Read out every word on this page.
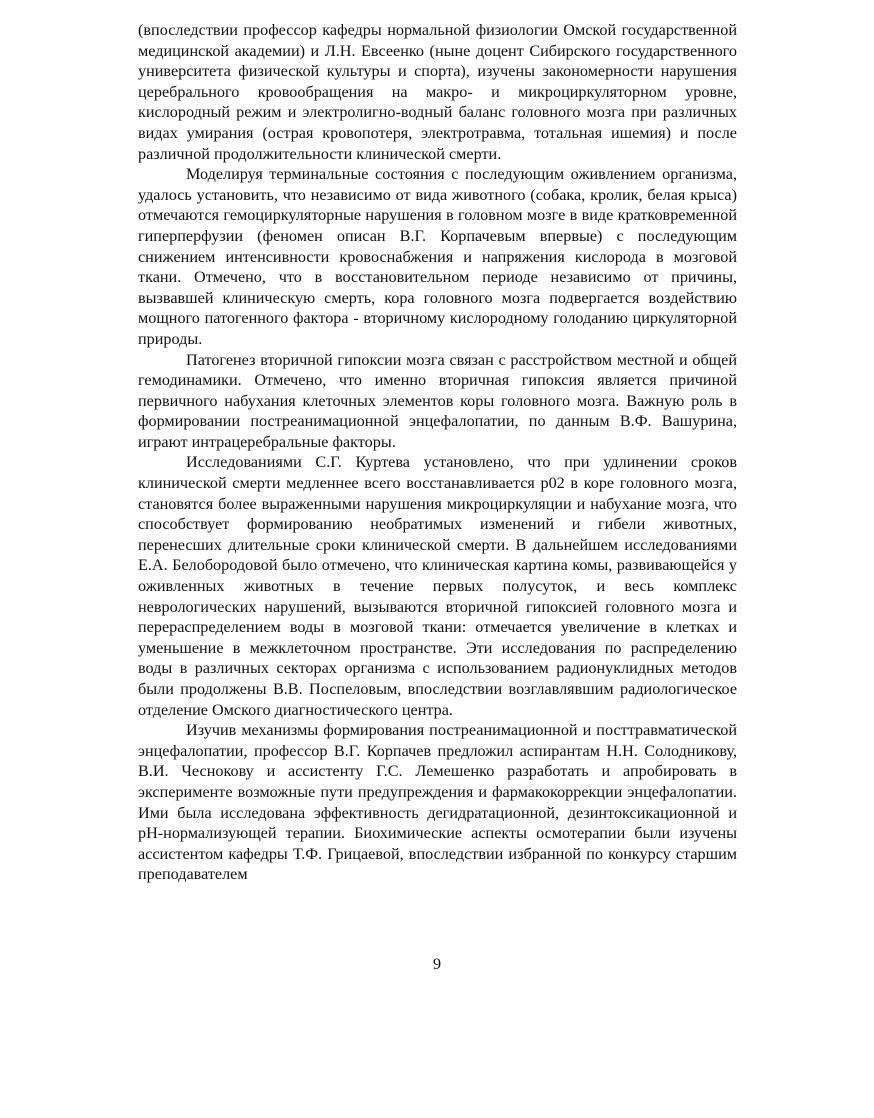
(впоследствии профессор кафедры нормальной физиологии Омской государственной медицинской академии) и Л.Н. Евсеенко (ныне доцент Сибирского государственного университета физической культуры и спорта), изучены закономерности нарушения церебрального кровообращения на макро- и микроциркуляторном уровне, кислородный режим и электролигно-водный баланс головного мозга при различных видах умирания (острая кровопотеря, электротравма, тотальная ишемия) и после различной продолжительности клинической смерти.

Моделируя терминальные состояния с последующим оживлением организма, удалось установить, что независимо от вида животного (собака, кролик, белая крыса) отмечаются гемоциркуляторные нарушения в головном мозге в виде кратковременной гиперперфузии (феномен описан В.Г. Корпачевым впервые) с последующим снижением интенсивности кровоснабжения и напряжения кислорода в мозговой ткани. Отмечено, что в восстановительном периоде независимо от причины, вызвавшей клиническую смерть, кора головного мозга подвергается воздействию мощного патогенного фактора - вторичному кислородному голоданию циркуляторной природы.

Патогенез вторичной гипоксии мозга связан с расстройством местной и общей гемодинамики. Отмечено, что именно вторичная гипоксия является причиной первичного набухания клеточных элементов коры головного мозга. Важную роль в формировании постреанимационной энцефалопатии, по данным В.Ф. Вашурина, играют интрацеребральные факторы.

Исследованиями С.Г. Куртева установлено, что при удлинении сроков клинической смерти медленнее всего восстанавливается р02 в коре головного мозга, становятся более выраженными нарушения микроциркуляции и набухание мозга, что способствует формированию необратимых изменений и гибели животных, перенесших длительные сроки клинической смерти. В дальнейшем исследованиями Е.А. Белобородовой было отмечено, что клиническая картина комы, развивающейся у оживленных животных в течение первых полусуток, и весь комплекс неврологических нарушений, вызываются вторичной гипоксией головного мозга и перераспределением воды в мозговой ткани: отмечается увеличение в клетках и уменьшение в межклеточном пространстве. Эти исследования по распределению воды в различных секторах организма с использованием радионуклидных методов были продолжены В.В. Поспеловым, впоследствии возглавлявшим радиологическое отделение Омского диагностического центра.

Изучив механизмы формирования постреанимационной и посттравматической энцефалопатии, профессор В.Г. Корпачев предложил аспирантам Н.Н. Солодникову, В.И. Чеснокову и ассистенту Г.С. Лемешенко разработать и апробировать в эксперименте возможные пути предупреждения и фармакокоррекции энцефалопатии. Ими была исследована эффективность дегидратационной, дезинтоксикационной и pH-нормализующей терапии. Биохимические аспекты осмотерапии были изучены ассистентом кафедры Т.Ф. Грицаевой, впоследствии избранной по конкурсу старшим преподавателем

9
